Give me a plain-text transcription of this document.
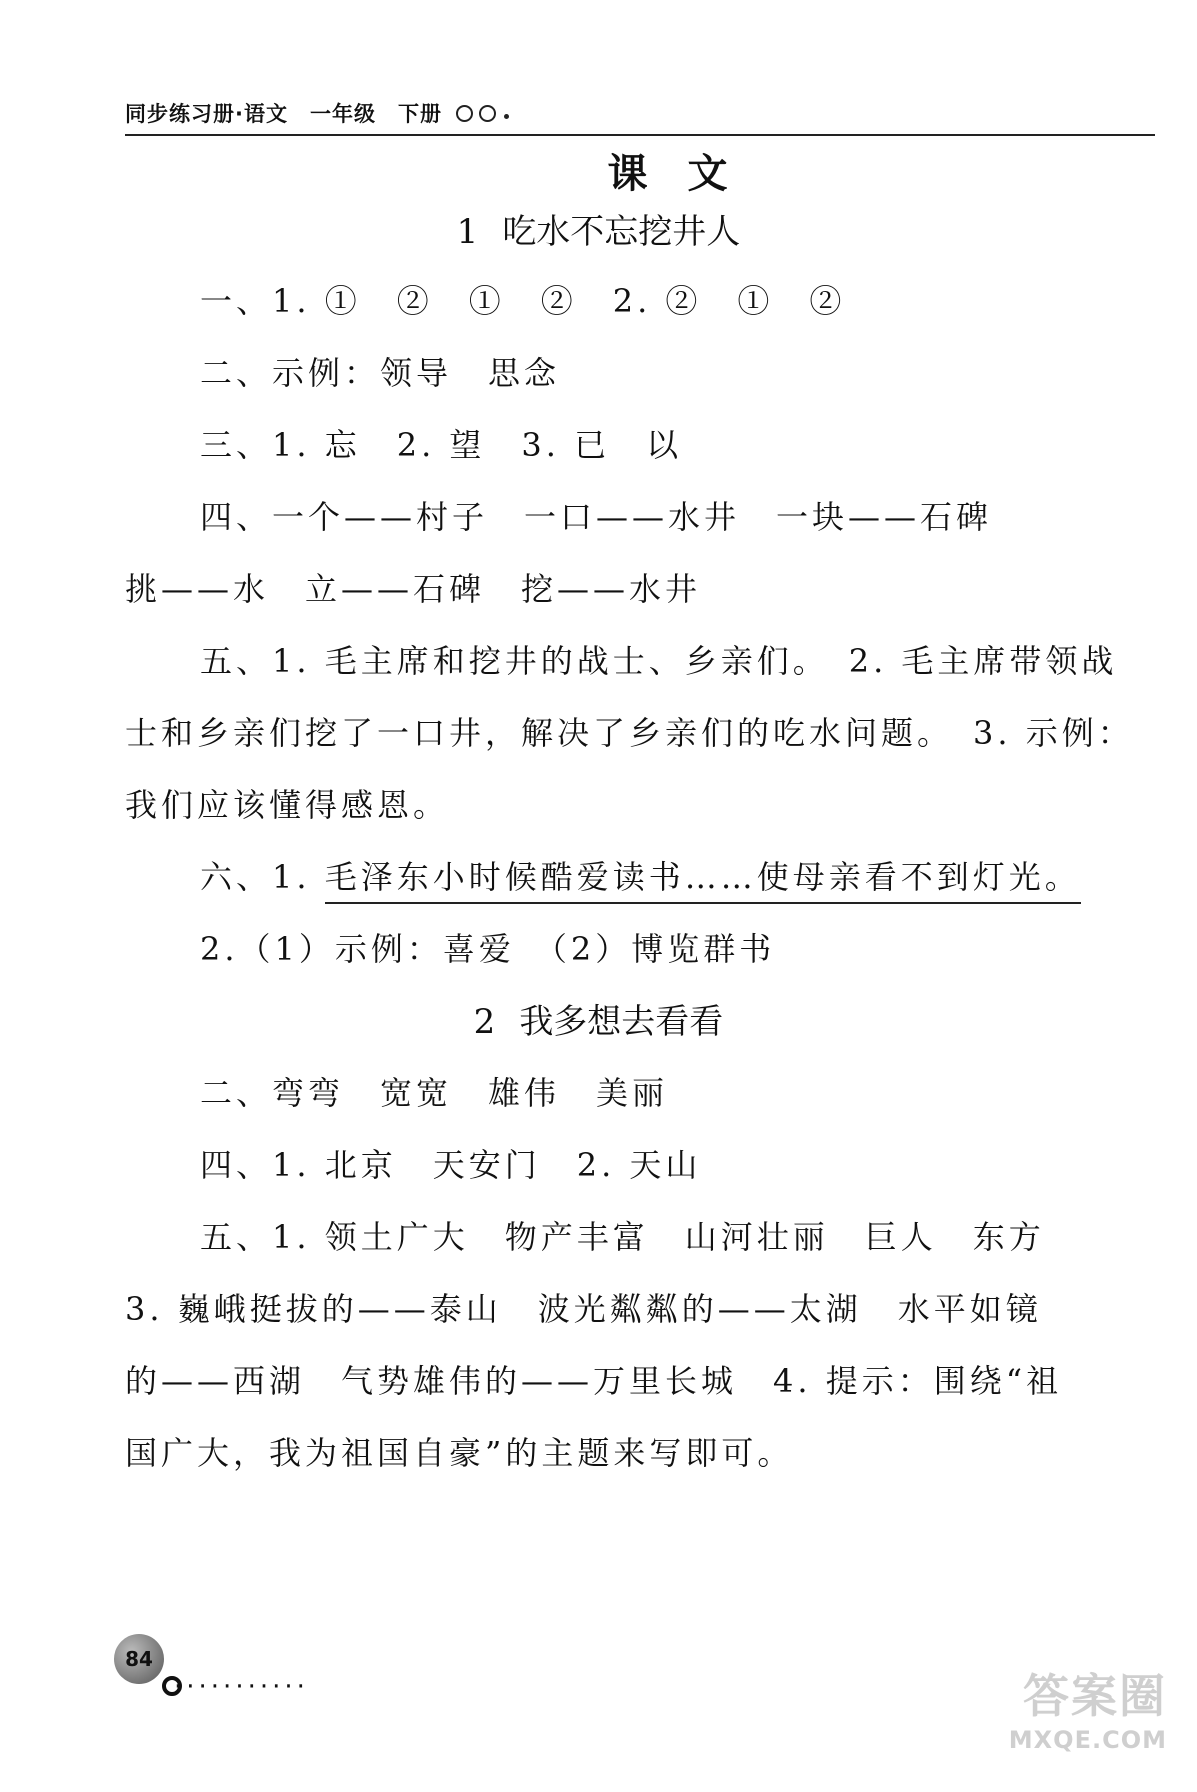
同步练习册·语文　一年级　下册
课文
1 吃水不忘挖井人
一、1. ①　②　①　②　2. ②　①　②
二、示例：领导　思念
三、1. 忘　2. 望　3. 已　以
四、一个——村子　一口——水井　一块——石碑
挑——水　立——石碑　挖——水井
五、1. 毛主席和挖井的战士、乡亲们。　2. 毛主席带领战
士和乡亲们挖了一口井，解决了乡亲们的吃水问题。　3. 示例：
我们应该懂得感恩。
六、1. 毛泽东小时候酷爱读书……使母亲看不到灯光。
2.（1）示例：喜爱　（2）博览群书
2 我多想去看看
二、弯弯　宽宽　雄伟　美丽
四、1. 北京　天安门　2. 天山
五、1. 领土广大　物产丰富　山河壮丽　巨人　东方
3. 巍峨挺拔的——泰山　波光粼粼的——太湖　水平如镜
的——西湖　气势雄伟的——万里长城　4. 提示：围绕“祖
国广大，我为祖国自豪”的主题来写即可。
84
···········	答案圈
MXQE.COM
